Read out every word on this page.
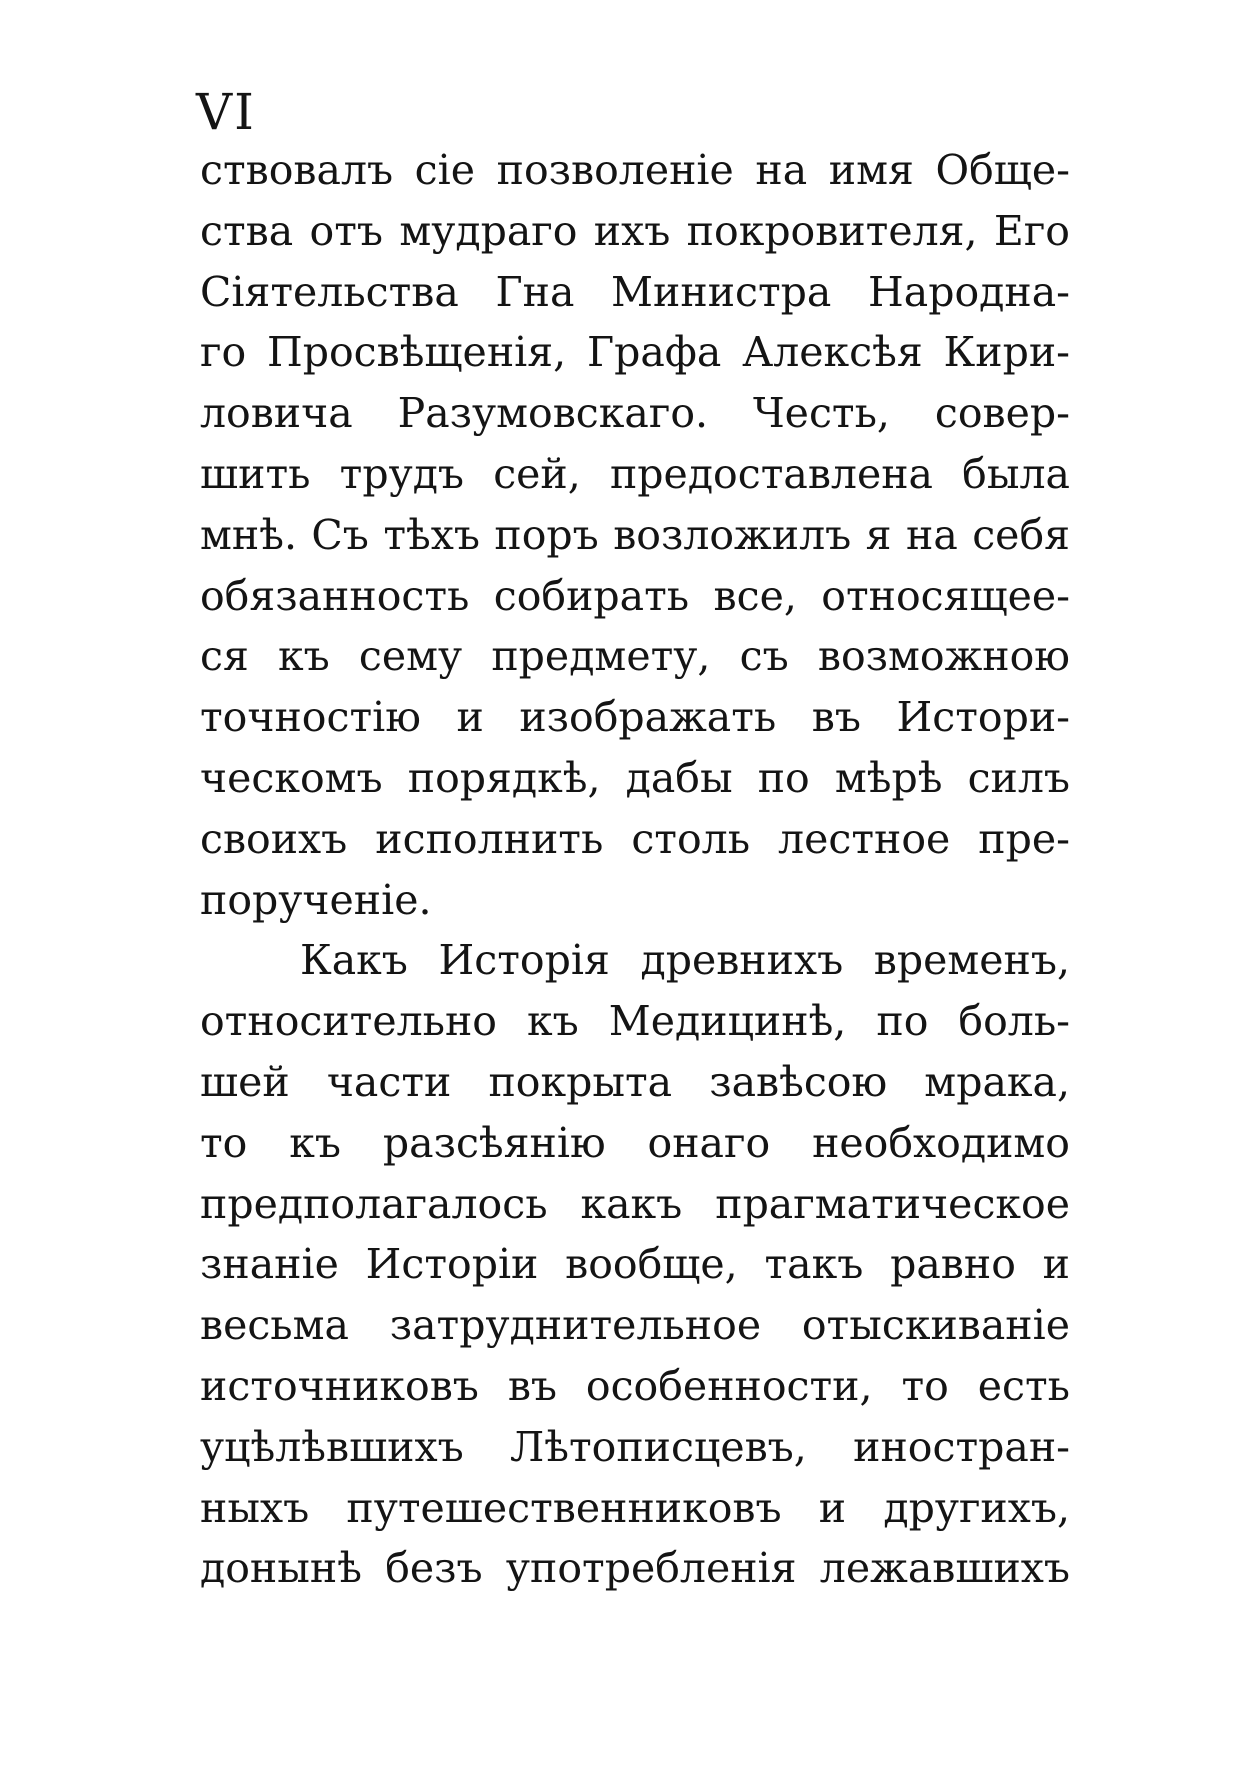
VI
ствовалъ сіе позволеніе на имя Обще-
ства отъ мудраго ихъ покровителя, Его
Сіятельства Гна Министра Народна-
го Просвѣщенія, Графа Алексѣя Кири-
ловича Разумовскаго. Честь, совер-
шить трудъ сей, предоставлена была
мнѣ. Съ тѣхъ поръ возложилъ я на себя
обязанность собирать все, относящее-
ся къ сему предмету, съ возможною
точностію и изображать въ Истори-
ческомъ порядкѣ, дабы по мѣрѣ силъ
своихъ исполнить столь лестное пре-
порученіе.
Какъ Исторія древнихъ временъ,
относительно къ Медицинѣ, по боль-
шей части покрыта завѣсою мрака,
то къ разсѣянію онаго необходимо
предполагалось какъ прагматическое
знаніе Исторіи вообще, такъ равно и
весьма затруднительное отыскиваніе
источниковъ въ особенности, то есть
уцѣлѣвшихъ Лѣтописцевъ, иностран-
ныхъ путешественниковъ и другихъ,
донынѣ безъ употребленія лежавшихъ
